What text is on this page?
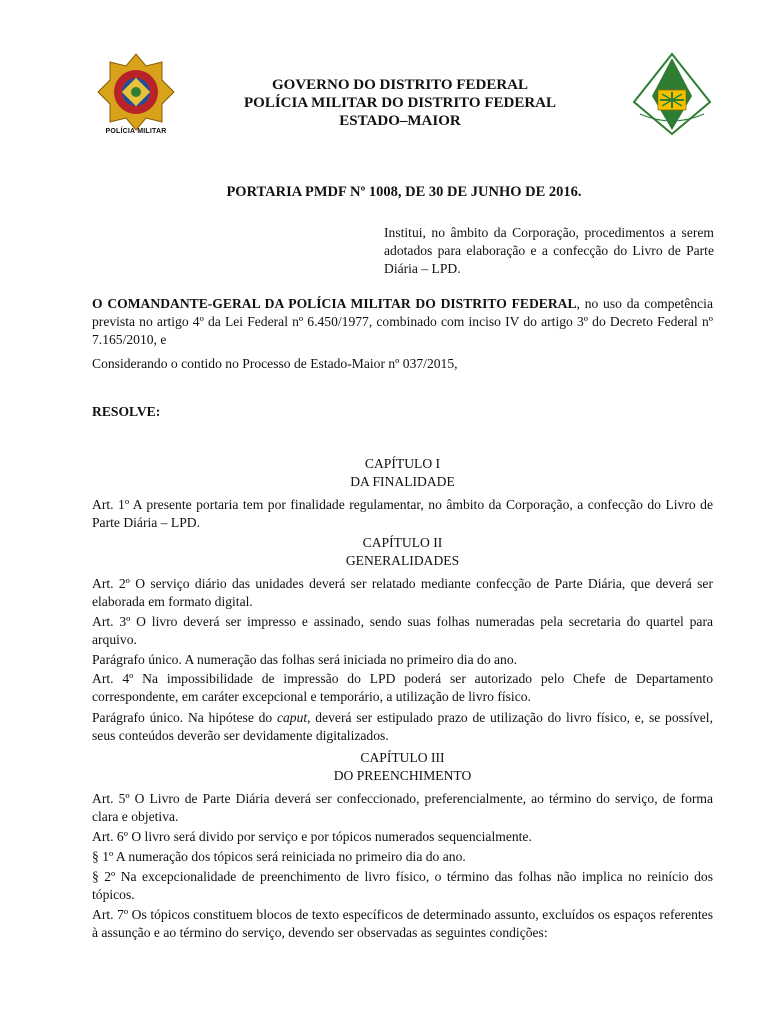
POLÍCIA MILITAR
GOVERNO DO DISTRITO FEDERAL
POLÍCIA MILITAR DO DISTRITO FEDERAL
ESTADO–MAIOR
PORTARIA PMDF Nº 1008, DE 30 DE JUNHO DE 2016.
Institui, no âmbito da Corporação, procedimentos a serem adotados para elaboração e a confecção do Livro de Parte Diária – LPD.

O COMANDANTE-GERAL DA POLÍCIA MILITAR DO DISTRITO FEDERAL, no uso da competência prevista no artigo 4º da Lei Federal nº 6.450/1977, combinado com inciso IV do artigo 3º do Decreto Federal nº 7.165/2010, e

Considerando o contido no Processo de Estado-Maior nº 037/2015,
RESOLVE:
CAPÍTULO I
DA FINALIDADE
Art. 1º A presente portaria tem por finalidade regulamentar, no âmbito da Corporação, a confecção do Livro de Parte Diária – LPD.
CAPÍTULO II
GENERALIDADES
Art. 2º O serviço diário das unidades deverá ser relatado mediante confecção de Parte Diária, que deverá ser elaborada em formato digital.
Art. 3º O livro deverá ser impresso e assinado, sendo suas folhas numeradas pela secretaria do quartel para arquivo.
Parágrafo único. A numeração das folhas será iniciada no primeiro dia do ano.
Art. 4º Na impossibilidade de impressão do LPD poderá ser autorizado pelo Chefe de Departamento correspondente, em caráter excepcional e temporário, a utilização de livro físico.

Parágrafo único. Na hipótese do caput, deverá ser estipulado prazo de utilização do livro físico, e, se possível, seus conteúdos deverão ser devidamente digitalizados.

CAPÍTULO III
DO PREENCHIMENTO
Art. 5º O Livro de Parte Diária deverá ser confeccionado, preferencialmente, ao término do serviço, de forma clara e objetiva.
Art. 6º O livro será divido por serviço e por tópicos numerados sequencialmente.
§ 1º A numeração dos tópicos será reiniciada no primeiro dia do ano.
§ 2º Na excepcionalidade de preenchimento de livro físico, o término das folhas não implica no reinício dos tópicos.
Art. 7º Os tópicos constituem blocos de texto específicos de determinado assunto, excluídos os espaços referentes à assunção e ao término do serviço, devendo ser observadas as seguintes condições:
